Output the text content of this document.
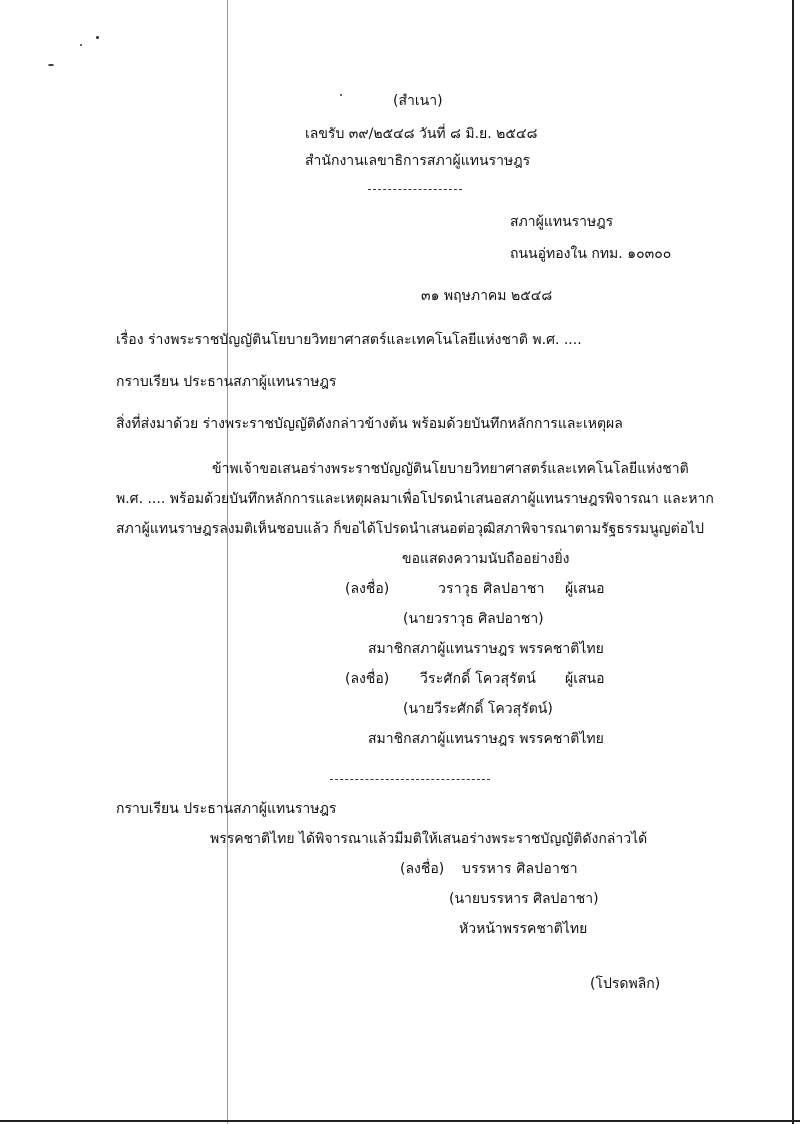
(สำเนา)
เลขรับ ๓๙/๒๕๔๘ วันที่ ๘ มิ.ย. ๒๕๔๘
สำนักงานเลขาธิการสภาผู้แทนราษฎร
สภาผู้แทนราษฎร
ถนนอู่ทองใน กทม. ๑๐๓๐๐
๓๑ พฤษภาคม ๒๕๔๘
เรื่อง ร่างพระราชบัญญัตินโยบายวิทยาศาสตร์และเทคโนโลยีแห่งชาติ พ.ศ. ....
กราบเรียน ประธานสภาผู้แทนราษฎร
สิ่งที่ส่งมาด้วย ร่างพระราชบัญญัติดังกล่าวข้างต้น พร้อมด้วยบันทึกหลักการและเหตุผล
ข้าพเจ้าขอเสนอร่างพระราชบัญญัตินโยบายวิทยาศาสตร์และเทคโนโลยีแห่งชาติ
พ.ศ. .... พร้อมด้วยบันทึกหลักการและเหตุผลมาเพื่อโปรดนำเสนอสภาผู้แทนราษฎรพิจารณา และหาก
สภาผู้แทนราษฎรลงมติเห็นชอบแล้ว ก็ขอได้โปรดนำเสนอต่อวุฒิสภาพิจารณาตามรัฐธรรมนูญต่อไป
ขอแสดงความนับถืออย่างยิ่ง
(ลงชื่อ)	วราวุธ ศิลปอาชา ผู้เสนอ
(นายวราวุธ ศิลปอาชา)
สมาชิกสภาผู้แทนราษฎร พรรคชาติไทย
(ลงชื่อ) วีระศักดิ์ โควสุรัตน์ ผู้เสนอ
(นายวีระศักดิ์ โควสุรัตน์)
สมาชิกสภาผู้แทนราษฎร พรรคชาติไทย
กราบเรียน ประธานสภาผู้แทนราษฎร
พรรคชาติไทย ได้พิจารณาแล้วมีมติให้เสนอร่างพระราชบัญญัติดังกล่าวได้
(ลงชื่อ) บรรหาร ศิลปอาชา
(นายบรรหาร ศิลปอาชา)
หัวหน้าพรรคชาติไทย
(โปรดพลิก)
